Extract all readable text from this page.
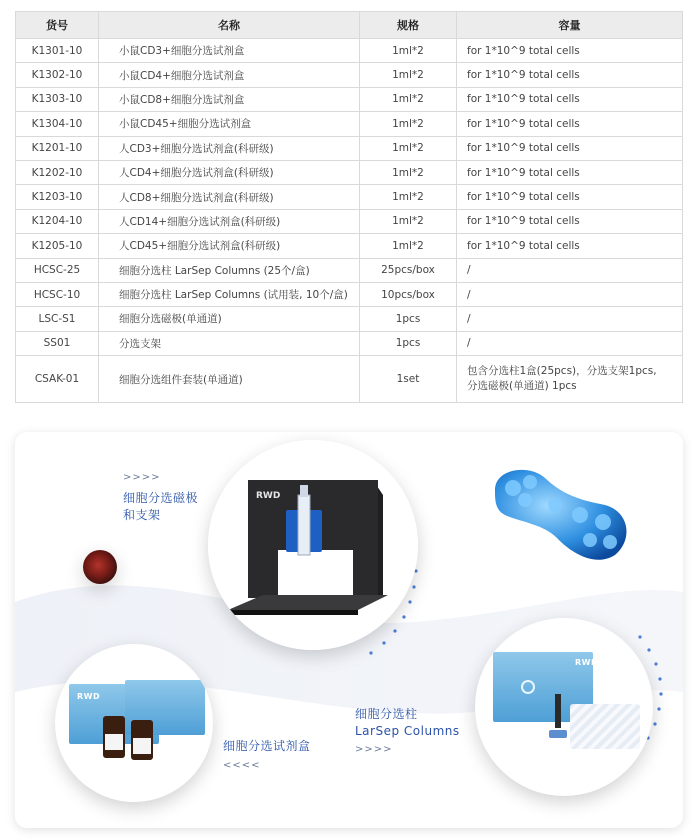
货号	名称	规格	容量
K1301-10	小鼠CD3+细胞分选试剂盒	1ml*2	for 1*10^9 total cells
K1302-10	小鼠CD4+细胞分选试剂盒	1ml*2	for 1*10^9 total cells
K1303-10	小鼠CD8+细胞分选试剂盒	1ml*2	for 1*10^9 total cells
K1304-10	小鼠CD45+细胞分选试剂盒	1ml*2	for 1*10^9 total cells
K1201-10	人CD3+细胞分选试剂盒(科研级)	1ml*2	for 1*10^9 total cells
K1202-10	人CD4+细胞分选试剂盒(科研级)	1ml*2	for 1*10^9 total cells
K1203-10	人CD8+细胞分选试剂盒(科研级)	1ml*2	for 1*10^9 total cells
K1204-10	人CD14+细胞分选试剂盒(科研级)	1ml*2	for 1*10^9 total cells
K1205-10	人CD45+细胞分选试剂盒(科研级)	1ml*2	for 1*10^9 total cells
HCSC-25	细胞分选柱 LarSep Columns (25个/盒)	25pcs/box	/
HCSC-10	细胞分选柱 LarSep Columns (试用装, 10个/盒)	10pcs/box	/
LSC-S1	细胞分选磁极(单通道)	1pcs	/
SS01	分选支架	1pcs	/
CSAK-01	细胞分选组件套装(单通道)	1set	包含分选柱1盒(25pcs)，分选支架1pcs,
分选磁极(单通道) 1pcs
>>>>
细胞分选磁极
和支架
RWD
RWD
细胞分选试剂盒
<<<<
细胞分选柱
LarSep Columns
>>>>
RWD
